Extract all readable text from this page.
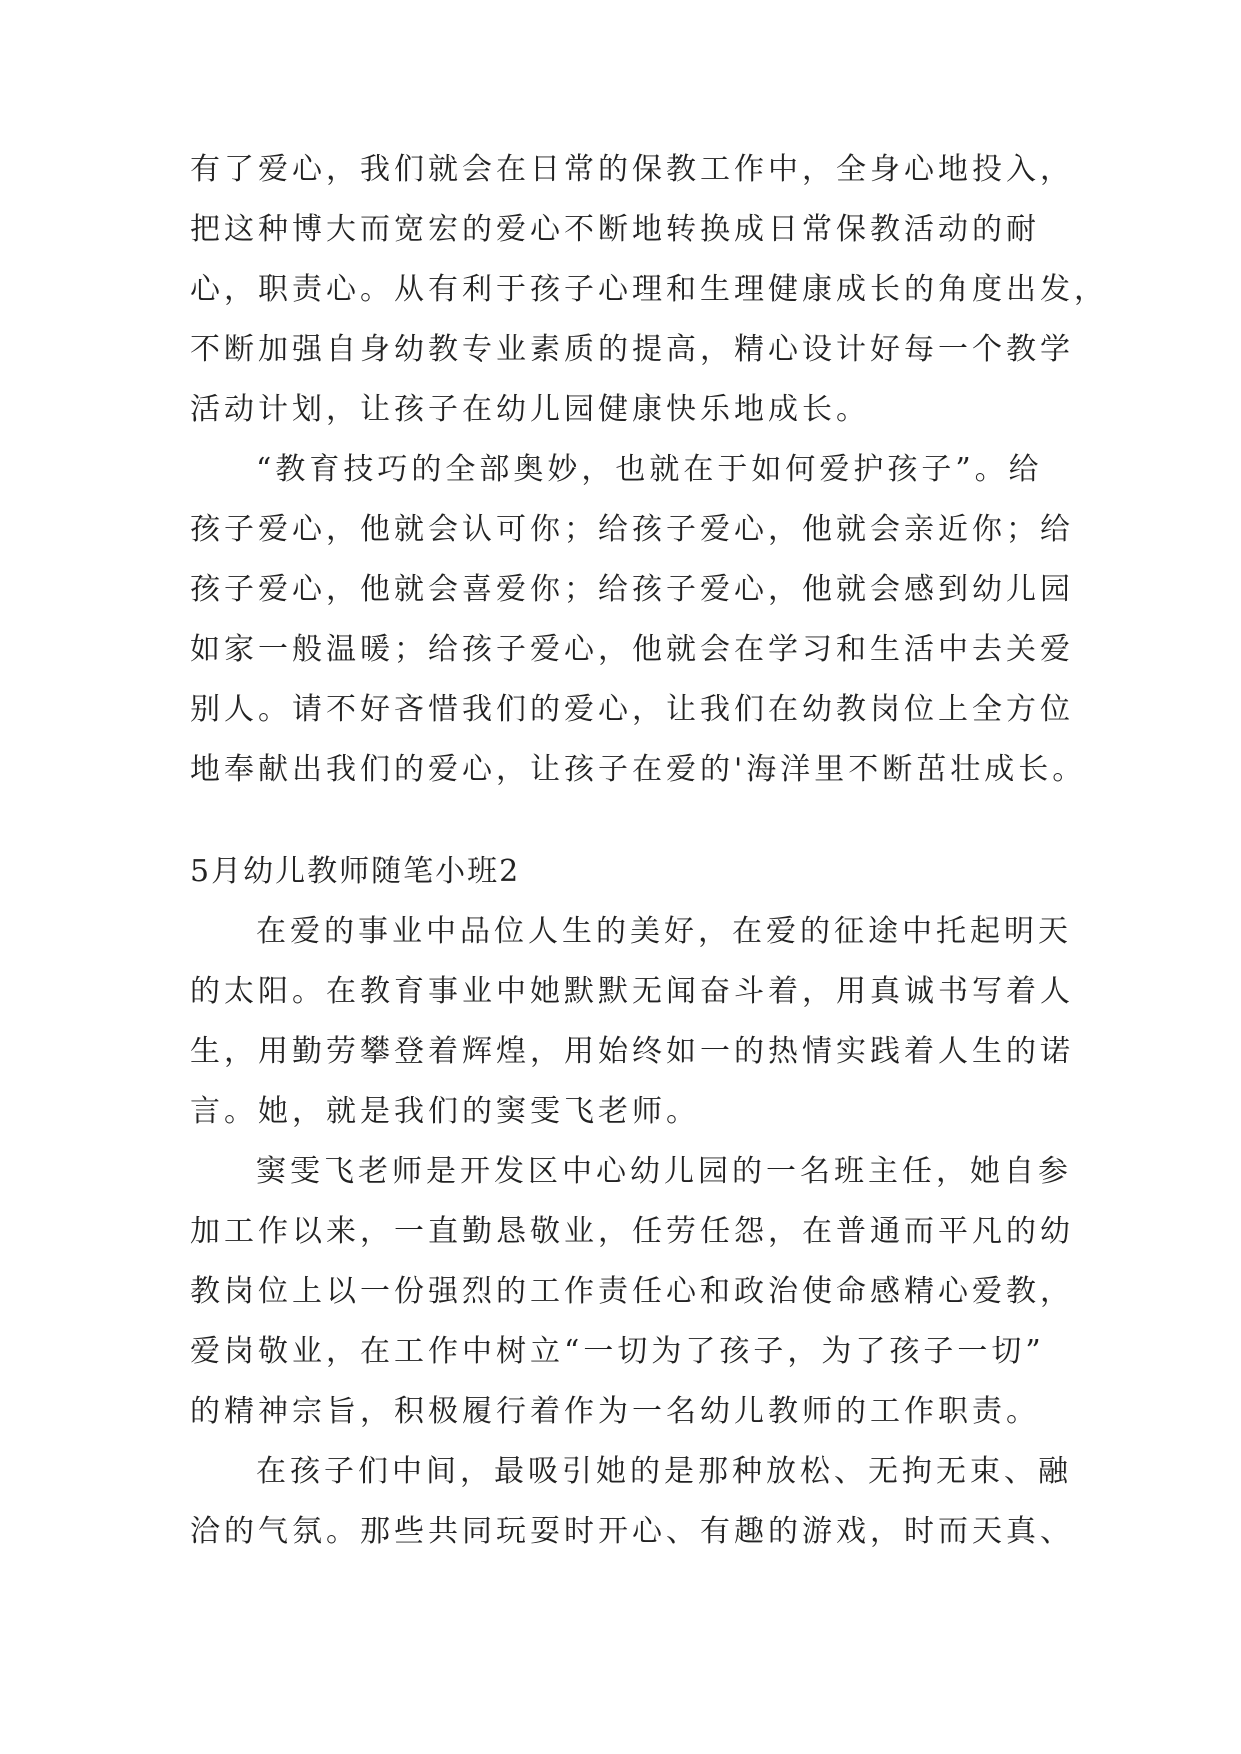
有了爱心，我们就会在日常的保教工作中，全身心地投入，
把这种博大而宽宏的爱心不断地转换成日常保教活动的耐
心，职责心。从有利于孩子心理和生理健康成长的角度出发，
不断加强自身幼教专业素质的提高，精心设计好每一个教学
活动计划，让孩子在幼儿园健康快乐地成长。
“教育技巧的全部奥妙，也就在于如何爱护孩子”。给
孩子爱心，他就会认可你；给孩子爱心，他就会亲近你；给
孩子爱心，他就会喜爱你；给孩子爱心，他就会感到幼儿园
如家一般温暖；给孩子爱心，他就会在学习和生活中去关爱
别人。请不好吝惜我们的爱心，让我们在幼教岗位上全方位
地奉献出我们的爱心，让孩子在爱的'海洋里不断茁壮成长。
5月幼儿教师随笔小班2
在爱的事业中品位人生的美好，在爱的征途中托起明天
的太阳。在教育事业中她默默无闻奋斗着，用真诚书写着人
生，用勤劳攀登着辉煌，用始终如一的热情实践着人生的诺
言。她，就是我们的窦雯飞老师。
窦雯飞老师是开发区中心幼儿园的一名班主任，她自参
加工作以来，一直勤恳敬业，任劳任怨，在普通而平凡的幼
教岗位上以一份强烈的工作责任心和政治使命感精心爱教，
爱岗敬业，在工作中树立“一切为了孩子，为了孩子一切”
的精神宗旨，积极履行着作为一名幼儿教师的工作职责。
在孩子们中间，最吸引她的是那种放松、无拘无束、融
洽的气氛。那些共同玩耍时开心、有趣的游戏，时而天真、
